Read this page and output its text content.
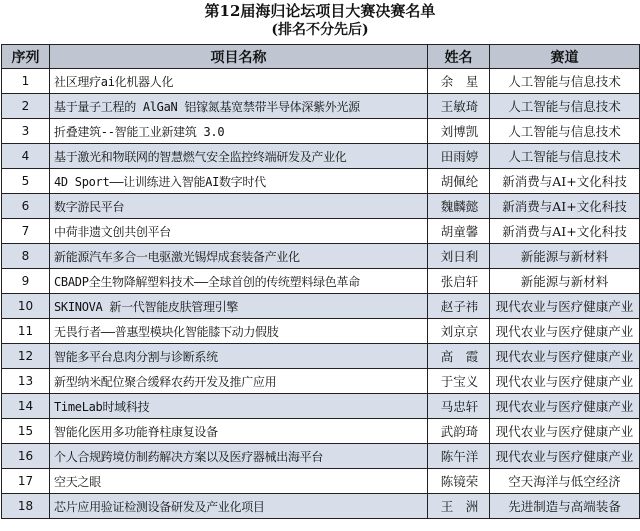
第12届海归论坛项目大赛决赛名单
(排名不分先后)
序列	项目名称	姓名	赛道
1	社区理疗ai化机器人化	余　星	人工智能与信息技术
2	基于量子工程的 AlGaN 铝镓氮基宽禁带半导体深紫外光源	王敏琦	人工智能与信息技术
3	折叠建筑--智能工业新建筑 3.0	刘博凯	人工智能与信息技术
4	基于激光和物联网的智慧燃气安全监控终端研发及产业化	田雨婷	人工智能与信息技术
5	4D Sport——让训练进入智能AI数字时代	胡佩纶	新消费与AI+文化科技
6	数字游民平台	魏麟懿	新消费与AI+文化科技
7	中荷非遗文创共创平台	胡童馨	新消费与AI+文化科技
8	新能源汽车多合一电驱激光锡焊成套装备产业化	刘日利	新能源与新材料
9	CBADP全生物降解塑料技术——全球首创的传统塑料绿色革命	张启轩	新能源与新材料
10	SKINOVA 新一代智能皮肤管理引擎	赵子祎	现代农业与医疗健康产业
11	无畏行者——普惠型模块化智能膝下动力假肢	刘京京	现代农业与医疗健康产业
12	智能多平台息肉分割与诊断系统	高　霞	现代农业与医疗健康产业
13	新型纳米配位聚合缓释农药开发及推广应用	于宝义	现代农业与医疗健康产业
14	TimeLab时域科技	马忠轩	现代农业与医疗健康产业
15	智能化医用多功能脊柱康复设备	武韵琦	现代农业与医疗健康产业
16	个人合规跨境仿制药解决方案以及医疗器械出海平台	陈午洋	现代农业与医疗健康产业
17	空天之眼	陈镜荣	空天海洋与低空经济
18	芯片应用验证检测设备研发及产业化项目	王　洲	先进制造与高端装备
